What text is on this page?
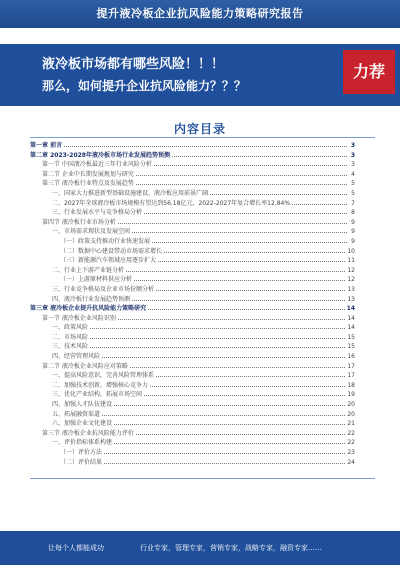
提升液冷板企业抗风险能力策略研究报告
液冷板市场都有哪些风险！！！
那么，如何提升企业抗风险能力？？？
力荐
内容目录
第一章 前言	3
第二章 2023-2028年液冷板市场行业发展趋势预测	3
第一节 中国液冷板最近三年行业风险分析	3
第二节 企业中长期发展规划与研究	4
第三节 液冷板行业特点及发展趋势	5
一、国家大力推进新型基础设施建设，液冷板应用前景广阔	5
二、2027年全球液冷板市场规模有望达到56.18亿元，2022-2027年复合增长率12.84%	7
三、行业发展水平与竞争格局分析	8
第四节 液冷板行业市场分析	9
一、市场需求现状及发展空间	9
（一）政策支持推动行业快速发展	9
（二）数据中心建设带动市场需求增长	10
（三）新能源汽车领域应用逐步扩大	11
二、行业上下游产业链分析	12
（一）上游原材料供应分析	12
三、行业竞争格局及企业市场份额分析	13
四、液冷板行业发展趋势预测	13
第三章 液冷板企业提升抗风险能力策略研究	14
第一节 液冷板企业风险识别	14
一、政策风险	14
二、市场风险	15
三、技术风险	15
四、经营管理风险	16
第二节 液冷板企业风险应对策略	17
一、提高风险意识，完善风险管理体系	17
二、加强技术创新，增强核心竞争力	18
三、优化产业结构，拓展市场空间	19
四、加强人才队伍建设	20
五、拓展融资渠道	20
六、加强企业文化建设	21
第三节 液冷板企业抗风险能力评价	22
一、评价指标体系构建	22
（一）评价方法	23
（二）评价结果	24
让每个人都能成功	行业专家，管理专家，营销专家，战略专家，融资专家……
